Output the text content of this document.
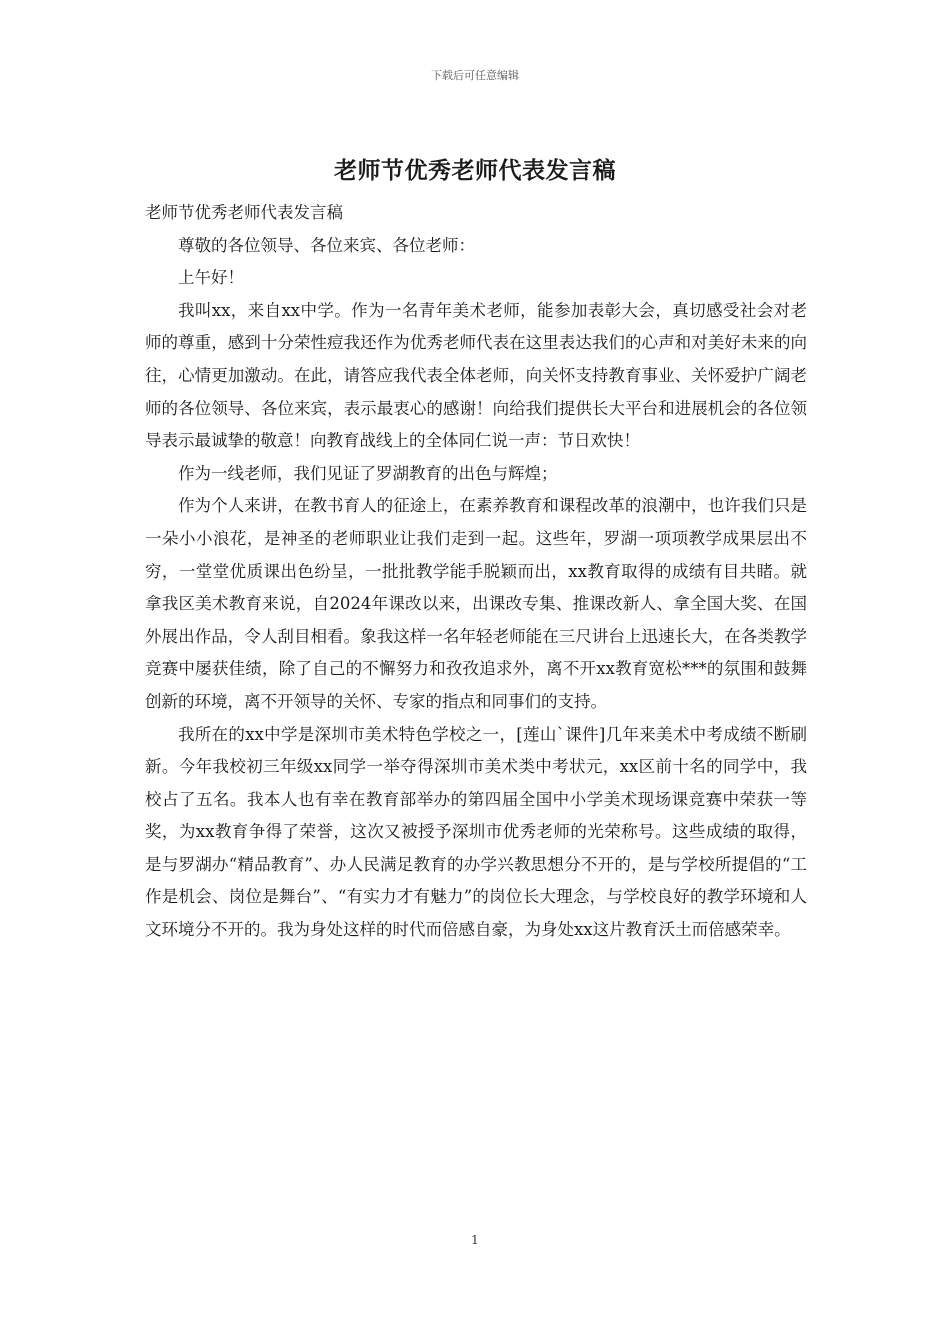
下载后可任意编辑
老师节优秀老师代表发言稿

老师节优秀老师代表发言稿

尊敬的各位领导、各位来宾、各位老师：

上午好！

我叫xx，来自xx中学。作为一名青年美术老师，能参加表彰大会，真切感受社会对老师的尊重，感到十分荣性痘我还作为优秀老师代表在这里表达我们的心声和对美好未来的向往，心情更加激动。在此，请答应我代表全体老师，向关怀支持教育事业、关怀爱护广阔老师的各位领导、各位来宾，表示最衷心的感谢！向给我们提供长大平台和进展机会的各位领导表示最诚挚的敬意！向教育战线上的全体同仁说一声：节日欢快！

作为一线老师，我们见证了罗湖教育的出色与辉煌；

作为个人来讲，在教书育人的征途上，在素养教育和课程改革的浪潮中，也许我们只是一朵小小浪花，是神圣的老师职业让我们走到一起。这些年，罗湖一项项教学成果层出不穷，一堂堂优质课出色纷呈，一批批教学能手脱颖而出，xx教育取得的成绩有目共睹。就拿我区美术教育来说，自2024年课改以来，出课改专集、推课改新人、拿全国大奖、在国外展出作品，令人刮目相看。象我这样一名年轻老师能在三尺讲台上迅速长大，在各类教学竞赛中屡获佳绩，除了自己的不懈努力和孜孜追求外，离不开xx教育宽松***的氛围和鼓舞创新的环境，离不开领导的关怀、专家的指点和同事们的支持。

我所在的xx中学是深圳市美术特色学校之一，[莲山`课件]几年来美术中考成绩不断刷新。今年我校初三年级xx同学一举夺得深圳市美术类中考状元，xx区前十名的同学中，我校占了五名。我本人也有幸在教育部举办的第四届全国中小学美术现场课竞赛中荣获一等奖，为xx教育争得了荣誉，这次又被授予深圳市优秀老师的光荣称号。这些成绩的取得，是与罗湖办“精品教育”、办人民满足教育的办学兴教思想分不开的，是与学校所提倡的“工作是机会、岗位是舞台”、“有实力才有魅力”的岗位长大理念，与学校良好的教学环境和人文环境分不开的。我为身处这样的时代而倍感自豪，为身处xx这片教育沃土而倍感荣幸。

1
